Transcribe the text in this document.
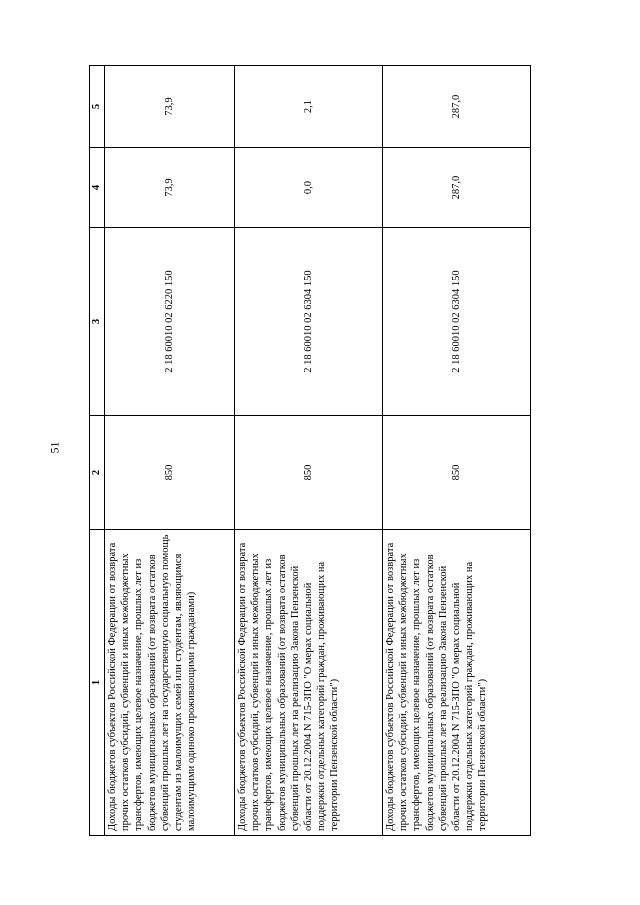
51
1	2	3	4	5
Доходы бюджетов субъектов Российской Федерации от возврата прочих остатков субсидий, субвенций и иных межбюджетных трансфертов, имеющих целевое назначение, прошлых лет из бюджетов муниципальных образований (от возврата остатков субвенций прошлых лет на государственную социальную помощь студентам из малоимущих семей или студентам, являющимся малоимущими одиноко проживающими гражданами)	850	2 18 60010 02 6220 150	73,9	73,9
Доходы бюджетов субъектов Российской Федерации от возврата прочих остатков субсидий, субвенций и иных межбюджетных трансфертов, имеющих целевое назначение, прошлых лет из бюджетов муниципальных образований (от возврата остатков субвенций прошлых лет на реализацию Закона Пензенской области от 20.12.2004 N 715-ЗПО "О мерах социальной поддержки отдельных категорий граждан, проживающих на территории Пензенской области")	850	2 18 60010 02 6304 150	0,0	2,1
Доходы бюджетов субъектов Российской Федерации от возврата прочих остатков субсидий, субвенций и иных межбюджетных трансфертов, имеющих целевое назначение, прошлых лет из бюджетов муниципальных образований (от возврата остатков субвенций прошлых лет на реализацию Закона Пензенской области от 20.12.2004 N 715-ЗПО "О мерах социальной поддержки отдельных категорий граждан, проживающих на территории Пензенской области")	850	2 18 60010 02 6304 150	287,0	287,0
